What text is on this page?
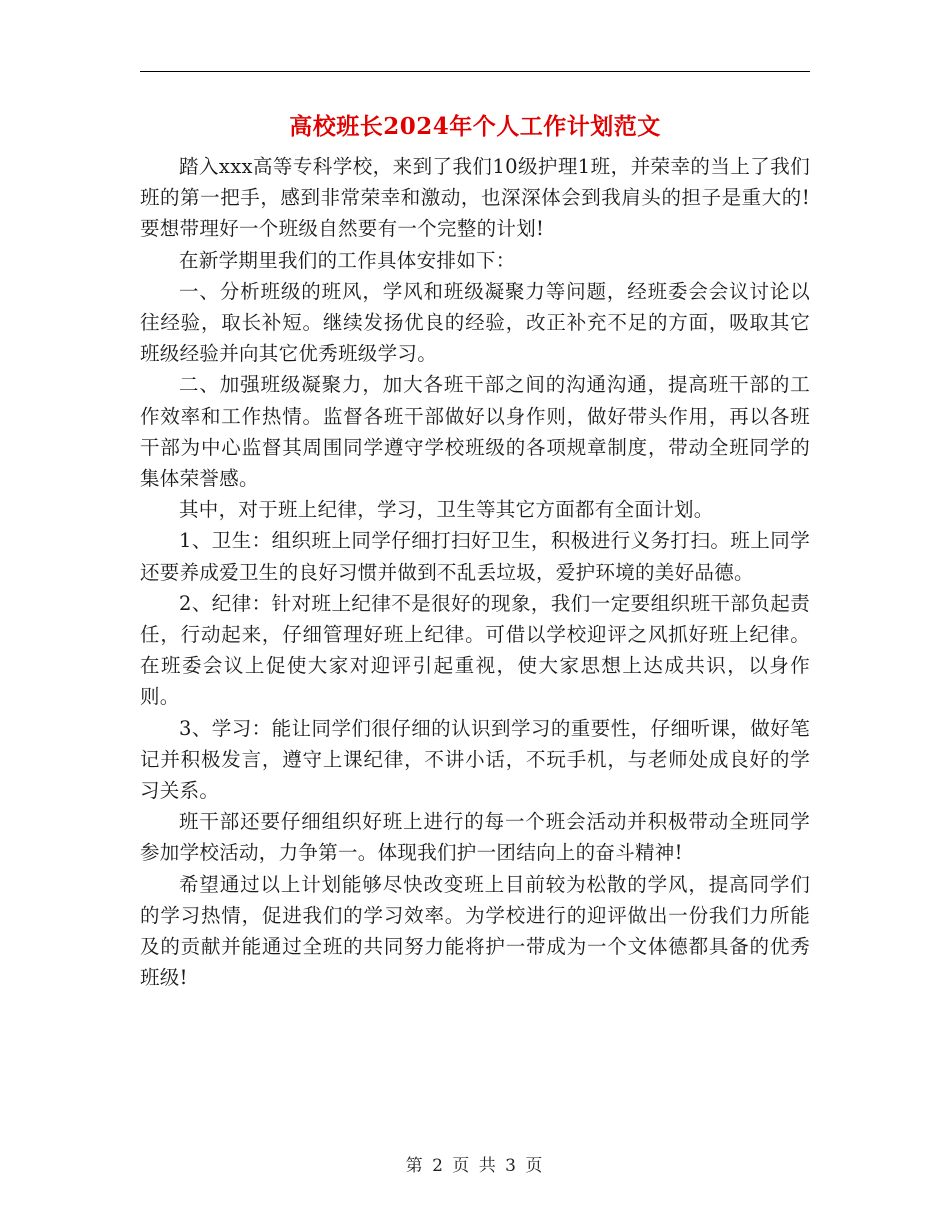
高校班长2024年个人工作计划范文

踏入xxx高等专科学校，来到了我们10级护理1班，并荣幸的当上了我们班的第一把手，感到非常荣幸和激动，也深深体会到我肩头的担子是重大的!要想带理好一个班级自然要有一个完整的计划!

在新学期里我们的工作具体安排如下：

一、分析班级的班风，学风和班级凝聚力等问题，经班委会会议讨论以往经验，取长补短。继续发扬优良的经验，改正补充不足的方面，吸取其它班级经验并向其它优秀班级学习。

二、加强班级凝聚力，加大各班干部之间的沟通沟通，提高班干部的工作效率和工作热情。监督各班干部做好以身作则，做好带头作用，再以各班干部为中心监督其周围同学遵守学校班级的各项规章制度，带动全班同学的集体荣誉感。

其中，对于班上纪律，学习，卫生等其它方面都有全面计划。

1、卫生：组织班上同学仔细打扫好卫生，积极进行义务打扫。班上同学还要养成爱卫生的良好习惯并做到不乱丢垃圾，爱护环境的美好品德。

2、纪律：针对班上纪律不是很好的现象，我们一定要组织班干部负起责任，行动起来，仔细管理好班上纪律。可借以学校迎评之风抓好班上纪律。在班委会议上促使大家对迎评引起重视，使大家思想上达成共识，以身作则。

3、学习：能让同学们很仔细的认识到学习的重要性，仔细听课，做好笔记并积极发言，遵守上课纪律，不讲小话，不玩手机，与老师处成良好的学习关系。

班干部还要仔细组织好班上进行的每一个班会活动并积极带动全班同学参加学校活动，力争第一。体现我们护一团结向上的奋斗精神!

希望通过以上计划能够尽快改变班上目前较为松散的学风，提高同学们的学习热情，促进我们的学习效率。为学校进行的迎评做出一份我们力所能及的贡献并能通过全班的共同努力能将护一带成为一个文体德都具备的优秀班级!

第 2 页 共 3 页
